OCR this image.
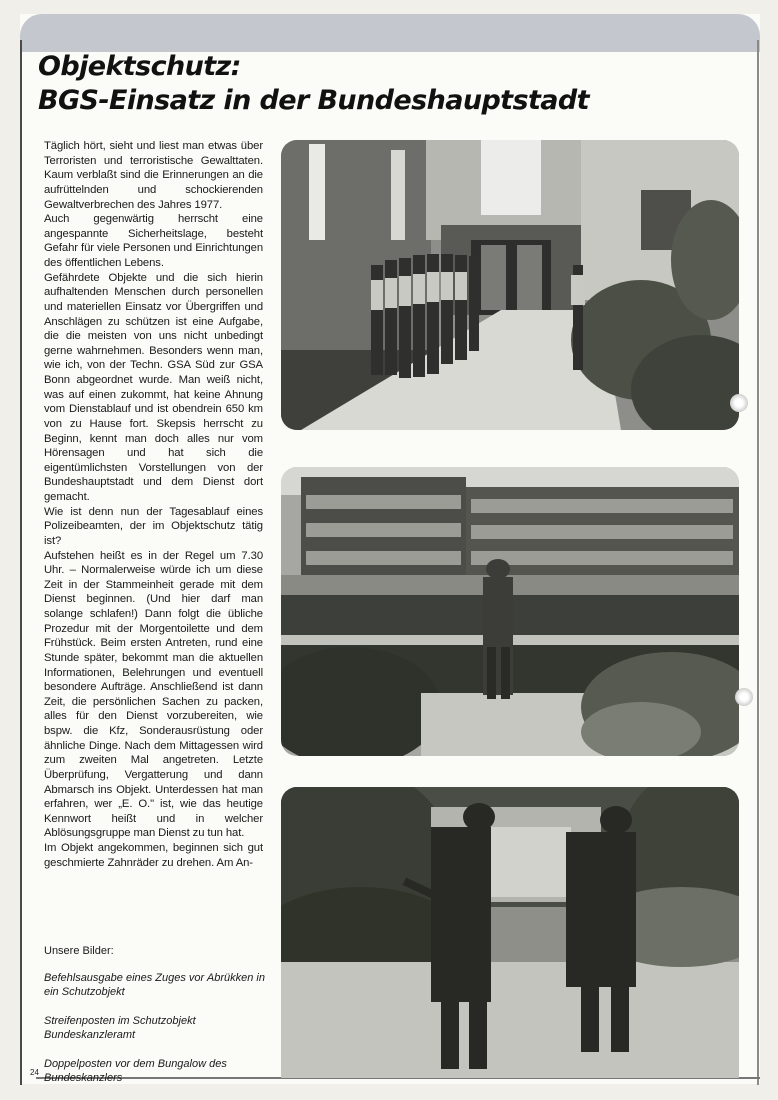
Objektschutz:
BGS-Einsatz in der Bundeshauptstadt

Täglich hört, sieht und liest man etwas über Terroristen und terroristische Gewalttaten. Kaum verblaßt sind die Erinnerungen an die aufrüttelnden und schockierenden Gewaltverbrechen des Jahres 1977.

Auch gegenwärtig herrscht eine angespannte Sicherheitslage, besteht Gefahr für viele Personen und Einrichtungen des öffentlichen Lebens.

Gefährdete Objekte und die sich hierin aufhaltenden Menschen durch personellen und materiellen Einsatz vor Übergriffen und Anschlägen zu schützen ist eine Aufgabe, die die meisten von uns nicht unbedingt gerne wahrnehmen. Besonders wenn man, wie ich, von der Techn. GSA Süd zur GSA Bonn abgeordnet wurde. Man weiß nicht, was auf einen zukommt, hat keine Ahnung vom Dienstablauf und ist obendrein 650 km von zu Hause fort. Skepsis herrscht zu Beginn, kennt man doch alles nur vom Hörensagen und hat sich die eigentümlichsten Vorstellungen von der Bundeshauptstadt und dem Dienst dort gemacht.

Wie ist denn nun der Tagesablauf eines Polizeibeamten, der im Objektschutz tätig ist?

Aufstehen heißt es in der Regel um 7.30 Uhr. – Normalerweise würde ich um diese Zeit in der Stammeinheit gerade mit dem Dienst beginnen. (Und hier darf man solange schlafen!) Dann folgt die übliche Prozedur mit der Morgentoilette und dem Frühstück. Beim ersten Antreten, rund eine Stunde später, bekommt man die aktuellen Informationen, Belehrungen und eventuell besondere Aufträge. Anschließend ist dann Zeit, die persönlichen Sachen zu packen, alles für den Dienst vorzubereiten, wie bspw. die Kfz, Sonderausrüstung oder ähnliche Dinge. Nach dem Mittagessen wird zum zweiten Mal angetreten. Letzte Überprüfung, Vergatterung und dann Abmarsch ins Objekt. Unterdessen hat man erfahren, wer „E. O." ist, wie das heutige Kennwort heißt und in welcher Ablösungsgruppe man Dienst zu tun hat.

Im Objekt angekommen, beginnen sich gut geschmierte Zahnräder zu drehen. Am An-

Unsere Bilder:

Befehlsausgabe eines Zuges vor Abrükken in ein Schutzobjekt

Streifenposten im Schutzobjekt Bundeskanzleramt

Doppelposten vor dem Bungalow des Bundeskanzlers

24
